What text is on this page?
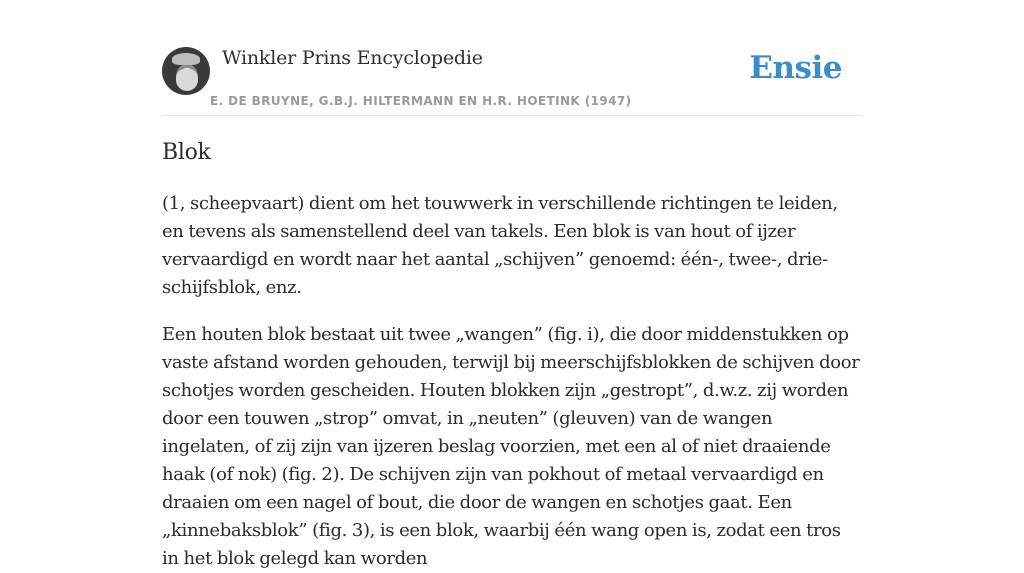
Winkler Prins Encyclopedie
E. DE BRUYNE, G.B.J. HILTERMANN EN H.R. HOETINK (1947)
Ensie
Blok

(1, scheepvaart) dient om het touwwerk in verschillende richtingen te leiden, en tevens als samenstellend deel van takels. Een blok is van hout of ijzer vervaardigd en wordt naar het aantal „schijven” genoemd: één-, twee-, drie-schijfsblok, enz.

Een houten blok bestaat uit twee „wangen” (fig. i), die door middenstukken op vaste afstand worden gehouden, terwijl bij meerschijfsblokken de schijven door schotjes worden gescheiden. Houten blokken zijn „gestropt”, d.w.z. zij worden door een touwen „strop” omvat, in „neuten” (gleuven) van de wangen ingelaten, of zij zijn van ijzeren beslag voorzien, met een al of niet draaiende haak (of nok) (fig. 2). De schijven zijn van pokhout of metaal vervaardigd en draaien om een nagel of bout, die door de wangen en schotjes gaat. Een „kinnebaksblok” (fig. 3), is een blok, waarbij één wang open is, zodat een tros in het blok gelegd kan worden
